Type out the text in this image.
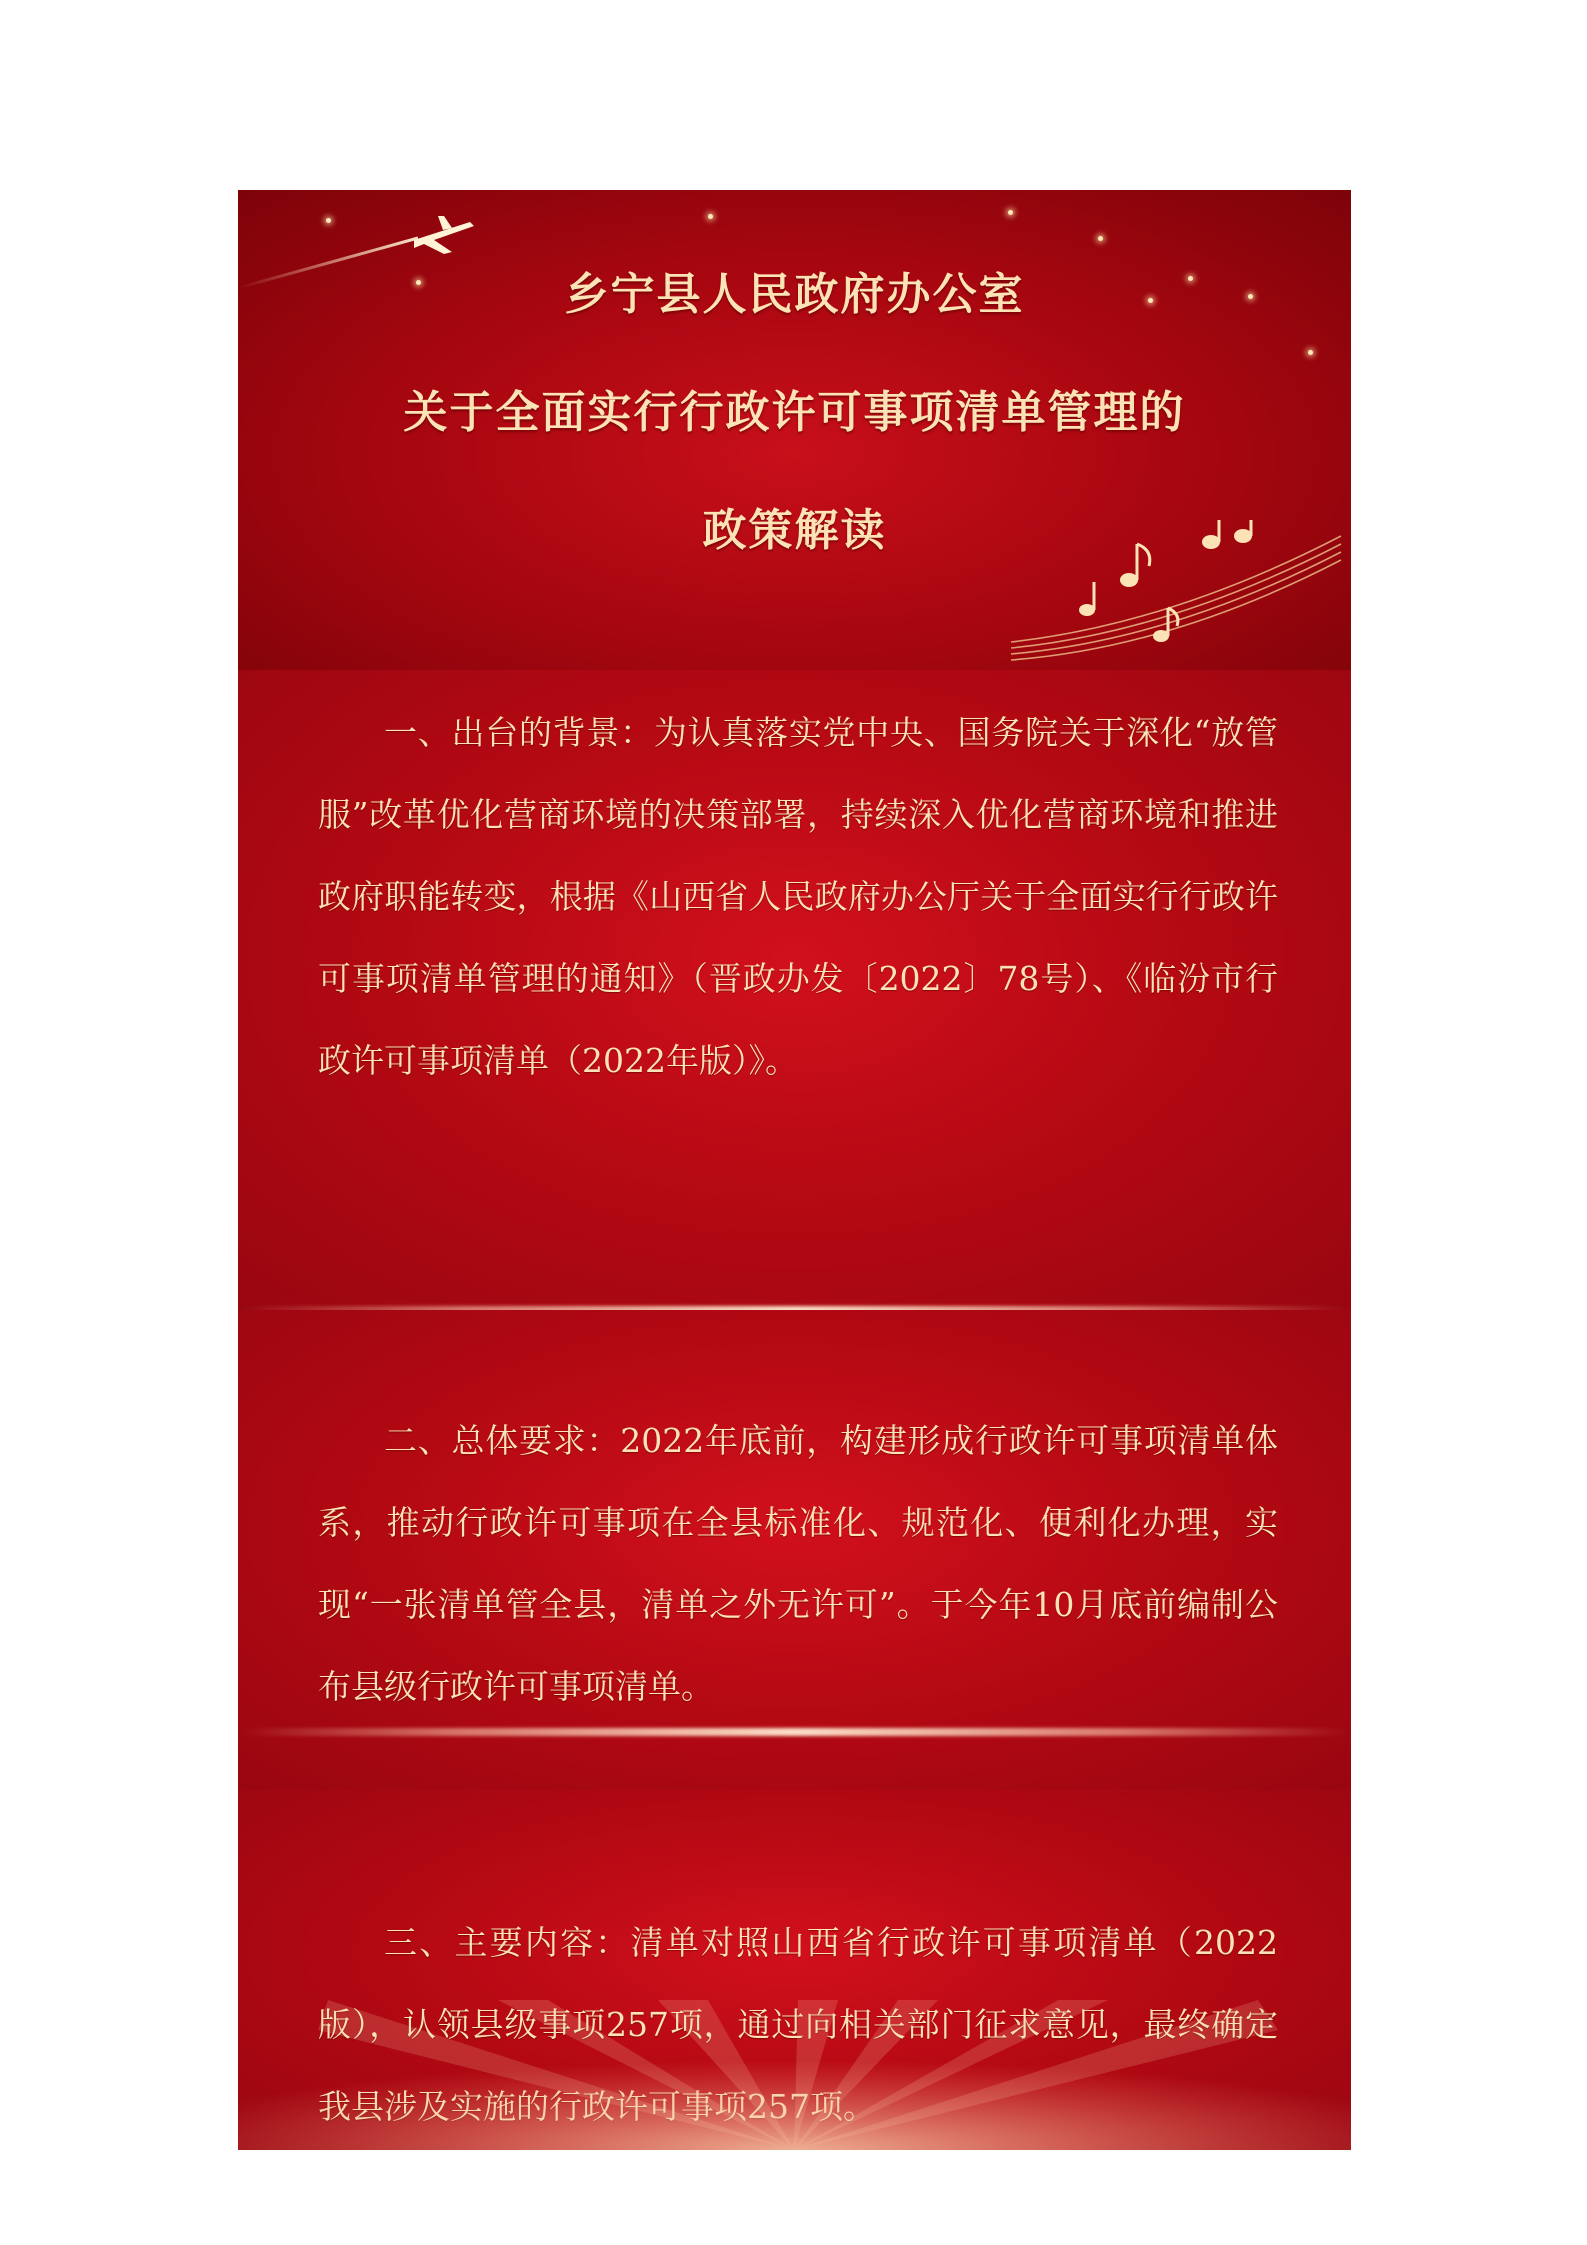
乡宁县人民政府办公室
关于全面实行行政许可事项清单管理的
政策解读
一、出台的背景：为认真落实党中央、国务院关于深化“放管服”改革优化营商环境的决策部署，持续深入优化营商环境和推进政府职能转变，根据《山西省人民政府办公厅关于全面实行行政许可事项清单管理的通知》（晋政办发〔2022〕78号）、《临汾市行政许可事项清单（2022年版）》。
二、总体要求：2022年底前，构建形成行政许可事项清单体系，推动行政许可事项在全县标准化、规范化、便利化办理，实现“一张清单管全县，清单之外无许可”。于今年10月底前编制公布县级行政许可事项清单。
三、主要内容：清单对照山西省行政许可事项清单（2022
